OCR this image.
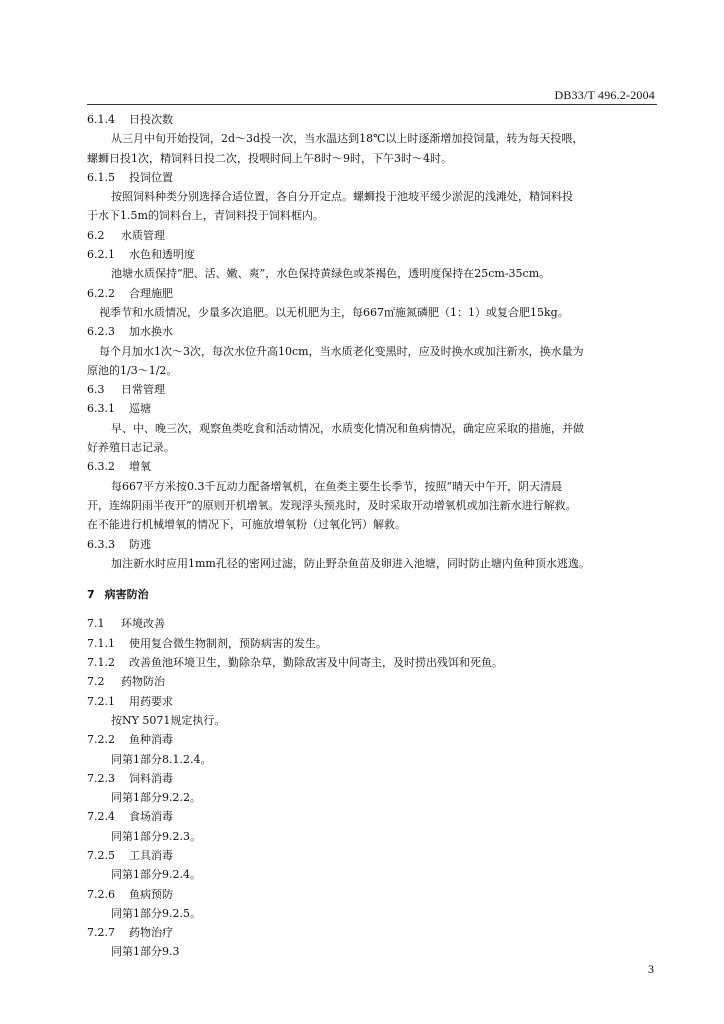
DB33/T 496.2-2004
6.1.4 日投次数
从三月中旬开始投饲，2d～3d投一次，当水温达到18℃以上时逐渐增加投饲量，转为每天投喂，
螺蛳日投1次，精饲料日投二次，投喂时间上午8时～9时，下午3时～4时。
6.1.5 投饲位置
按照饲料种类分别选择合适位置，各自分开定点。螺蛳投于池坡平缓少淤泥的浅滩处，精饲料投
于水下1.5m的饲料台上，青饲料投于饲料框内。
6.2 水质管理
6.2.1 水色和透明度
池塘水质保持“肥、活、嫩、爽”，水色保持黄绿色或茶褐色，透明度保持在25cm-35cm。
6.2.2 合理施肥
视季节和水质情况，少量多次追肥。以无机肥为主，每667㎡施氮磷肥（1：1）或复合肥15kg。
6.2.3 加水换水
每个月加水1次～3次，每次水位升高10cm，当水质老化变黑时，应及时换水或加注新水，换水量为
原池的1/3～1/2。
6.3 日常管理
6.3.1 巡塘
早、中、晚三次，观察鱼类吃食和活动情况，水质变化情况和鱼病情况，确定应采取的措施，并做
好养殖日志记录。
6.3.2 增氧
每667平方米按0.3千瓦动力配备增氧机，在鱼类主要生长季节，按照“晴天中午开，阴天清晨
开，连绵阴雨半夜开”的原则开机增氧。发现浮头预兆时，及时采取开动增氧机或加注新水进行解救。
在不能进行机械增氧的情况下，可施放增氧粉（过氧化钙）解救。
6.3.3 防逃
加注新水时应用1mm孔径的密网过滤，防止野杂鱼苗及卵进入池塘，同时防止塘内鱼种顶水逃逸。
7 病害防治
7.1 环境改善
7.1.1 使用复合微生物制剂，预防病害的发生。
7.1.2 改善鱼池环境卫生，勤除杂草，勤除敌害及中间寄主，及时捞出残饵和死鱼。
7.2 药物防治
7.2.1 用药要求
按NY 5071规定执行。
7.2.2 鱼种消毒
同第1部分8.1.2.4。
7.2.3 饲料消毒
同第1部分9.2.2。
7.2.4 食场消毒
同第1部分9.2.3。
7.2.5 工具消毒
同第1部分9.2.4。
7.2.6 鱼病预防
同第1部分9.2.5。
7.2.7 药物治疗
同第1部分9.3
3
